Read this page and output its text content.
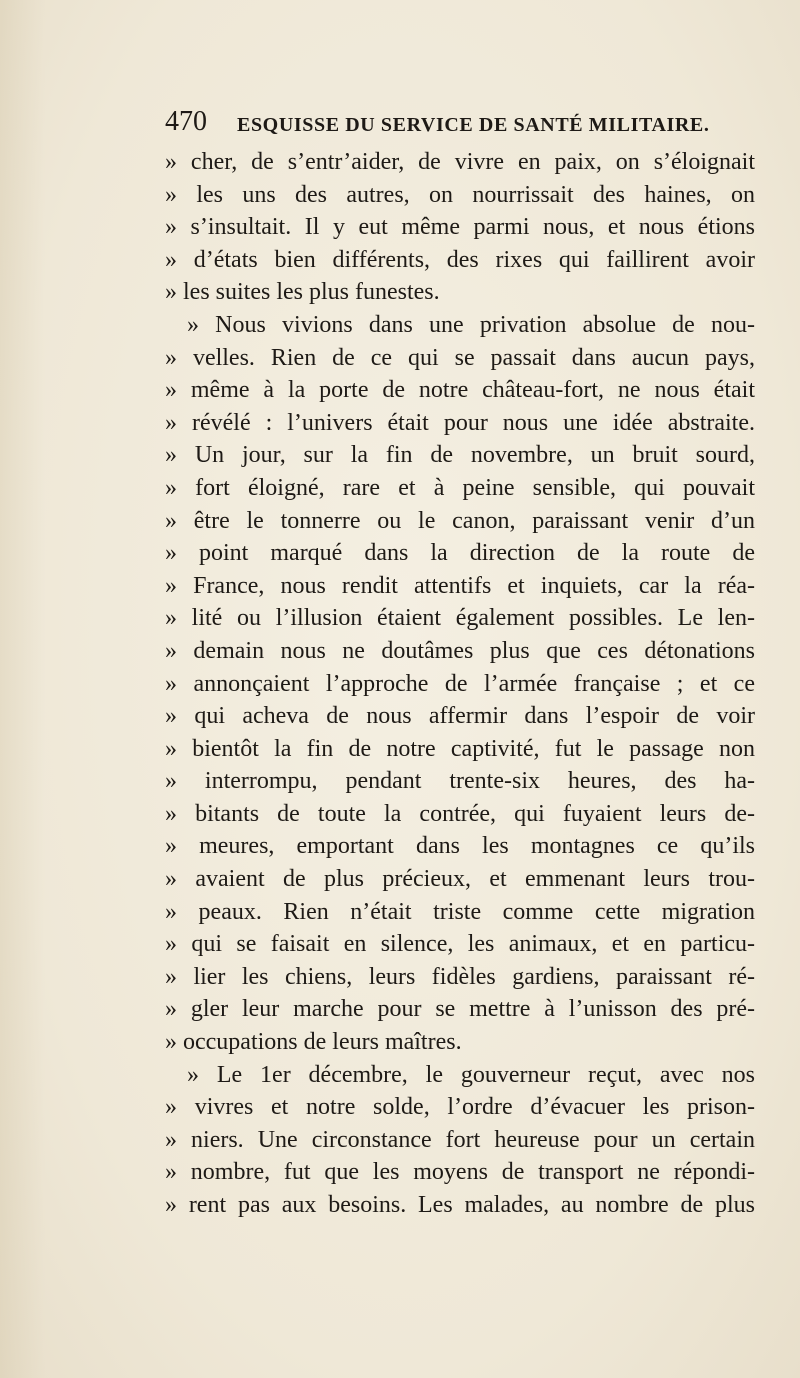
470 ESQUISSE DU SERVICE DE SANTÉ MILITAIRE.
» cher, de s’entr’aider, de vivre en paix, on s’éloignait
» les uns des autres, on nourrissait des haines, on
» s’insultait. Il y eut même parmi nous, et nous étions
» d’états bien différents, des rixes qui faillirent avoir
» les suites les plus funestes.
» Nous vivions dans une privation absolue de nou-
» velles. Rien de ce qui se passait dans aucun pays,
» même à la porte de notre château-fort, ne nous était
» révélé : l’univers était pour nous une idée abstraite.
» Un jour, sur la fin de novembre, un bruit sourd,
» fort éloigné, rare et à peine sensible, qui pouvait
» être le tonnerre ou le canon, paraissant venir d’un
» point marqué dans la direction de la route de
» France, nous rendit attentifs et inquiets, car la réa-
» lité ou l’illusion étaient également possibles. Le len-
» demain nous ne doutâmes plus que ces détonations
» annonçaient l’approche de l’armée française ; et ce
» qui acheva de nous affermir dans l’espoir de voir
» bientôt la fin de notre captivité, fut le passage non
» interrompu, pendant trente-six heures, des ha-
» bitants de toute la contrée, qui fuyaient leurs de-
» meures, emportant dans les montagnes ce qu’ils
» avaient de plus précieux, et emmenant leurs trou-
» peaux. Rien n’était triste comme cette migration
» qui se faisait en silence, les animaux, et en particu-
» lier les chiens, leurs fidèles gardiens, paraissant ré-
» gler leur marche pour se mettre à l’unisson des pré-
» occupations de leurs maîtres.
» Le 1er décembre, le gouverneur reçut, avec nos
» vivres et notre solde, l’ordre d’évacuer les prison-
» niers. Une circonstance fort heureuse pour un certain
» nombre, fut que les moyens de transport ne répondi-
» rent pas aux besoins. Les malades, au nombre de plus
